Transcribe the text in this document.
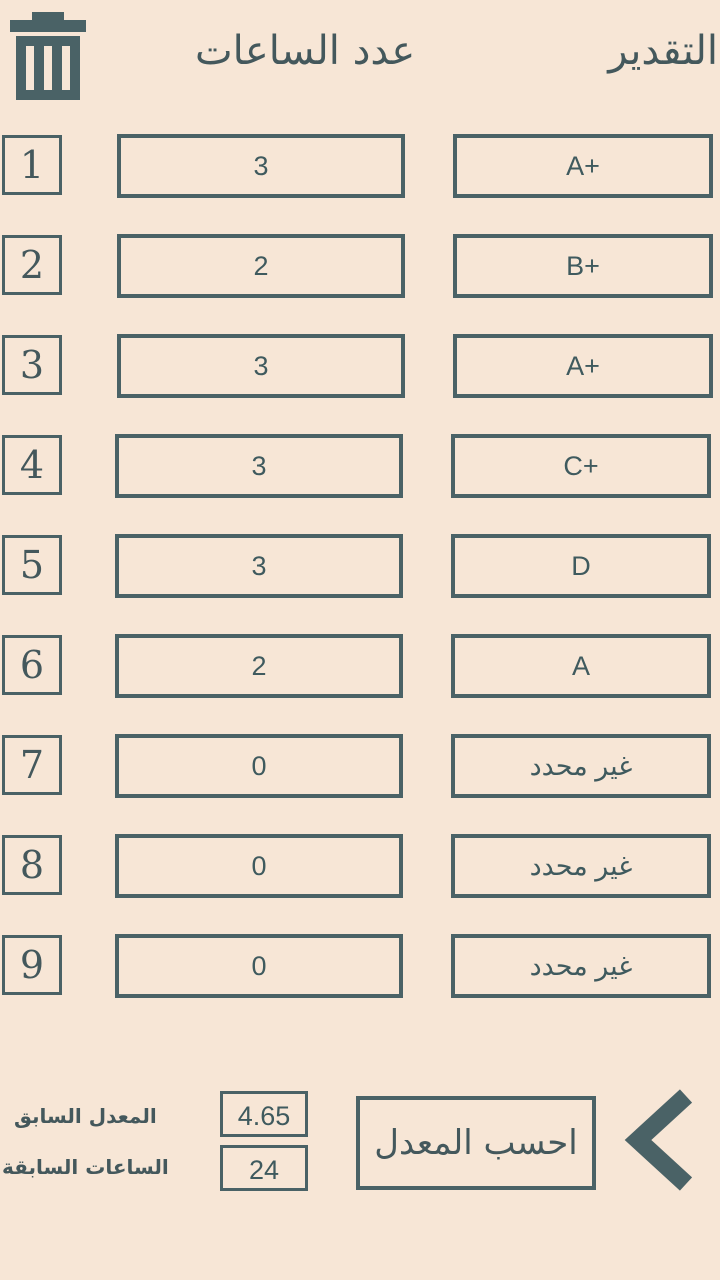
عدد الساعات	التقدير
1	3	A+
2	2	B+
3	3	A+
4	3	C+
5	3	D
6	2	A
7	0	غير محدد
8	0	غير محدد
9	0	غير محدد
المعدل السابق	4.65
الساعات السابقة	24
احسب المعدل
